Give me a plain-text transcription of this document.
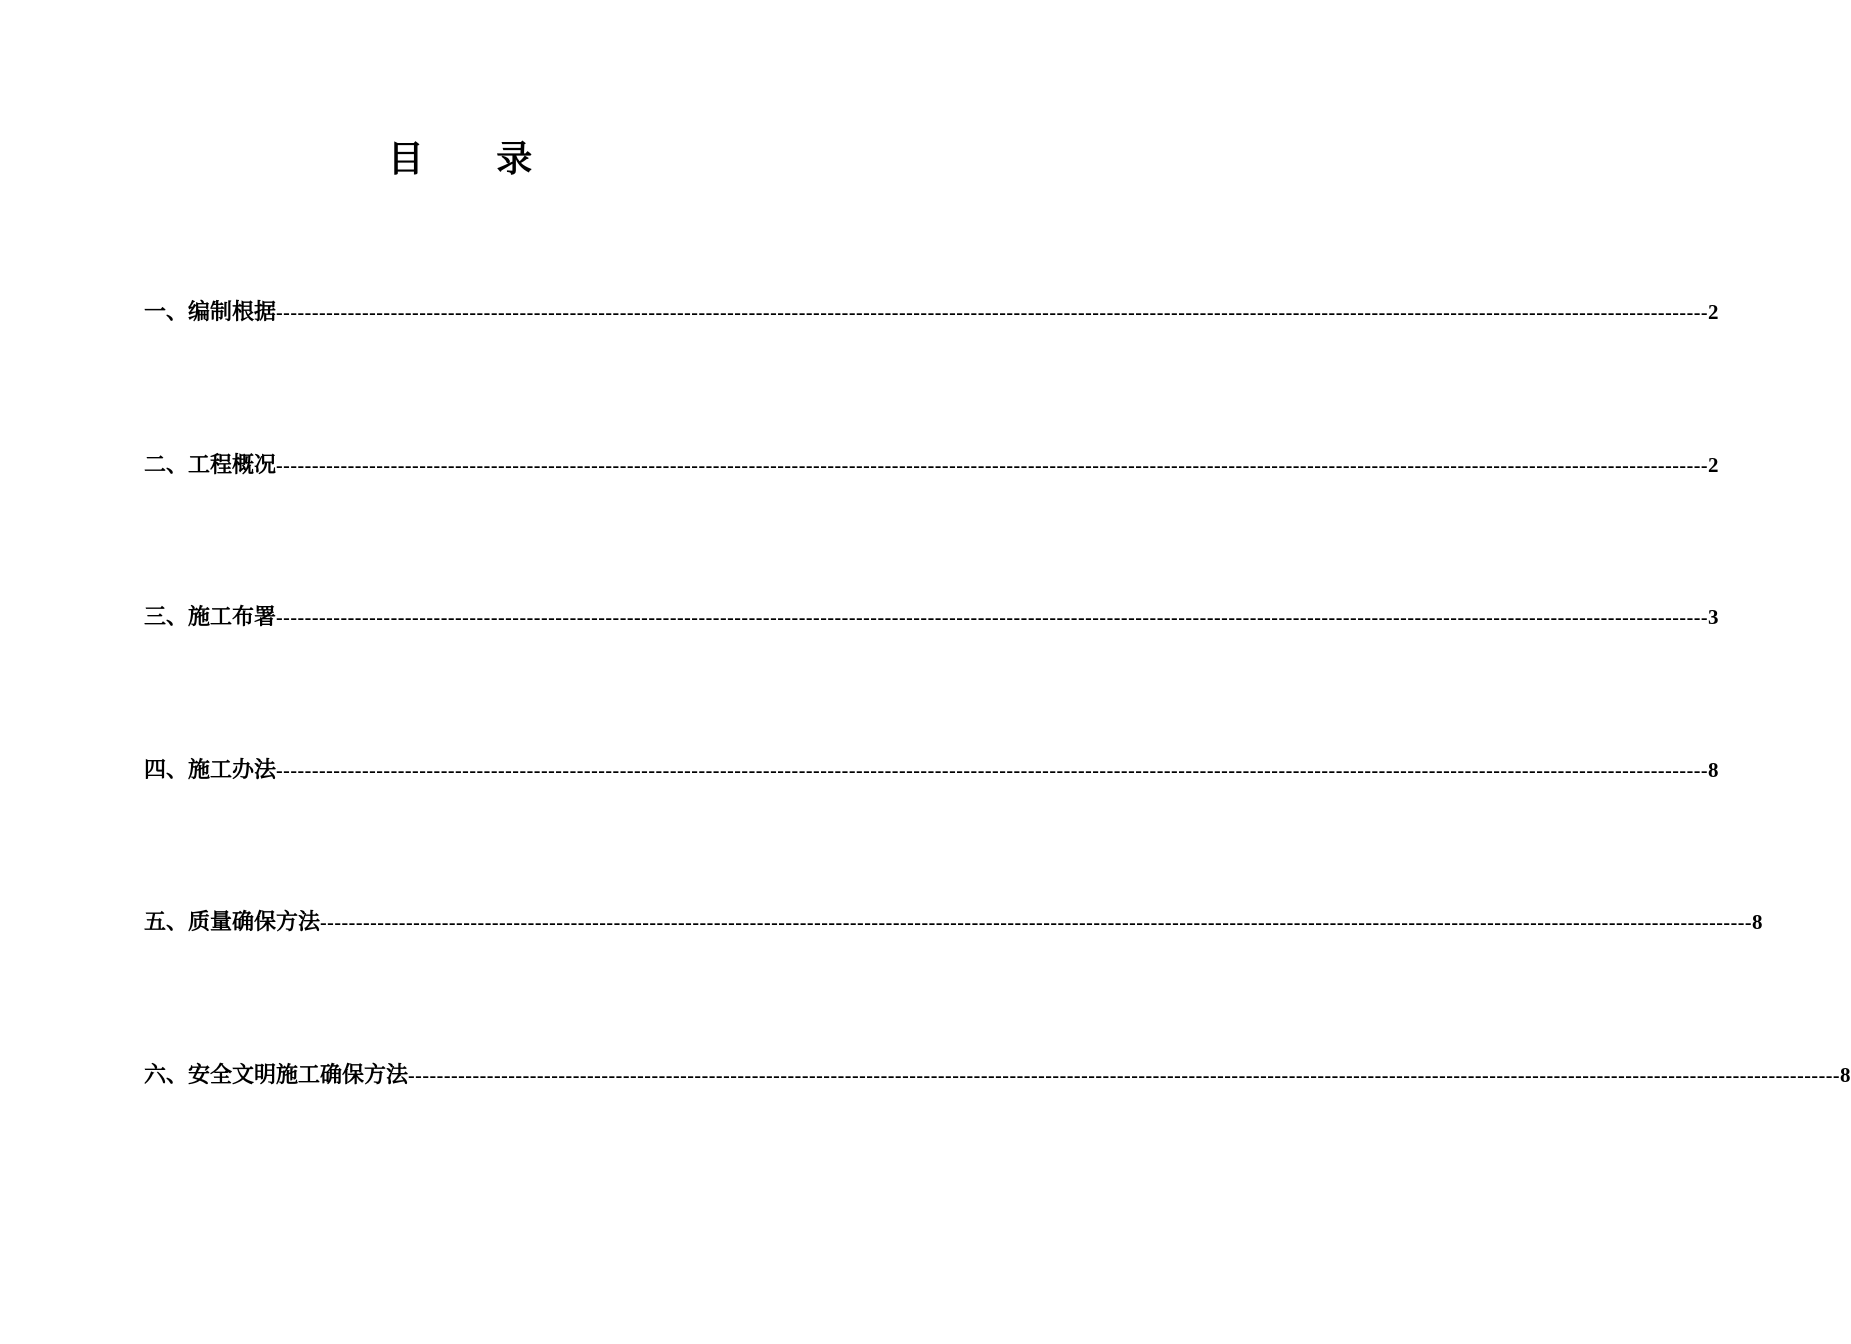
目 录
一、编制根据 -------------------------------------------------------------------------------------------------------------------------------------------------------------------------------------------------------- 2
二、工程概况 -------------------------------------------------------------------------------------------------------------------------------------------------------------------------------------------------------- 2
三、施工布署 -------------------------------------------------------------------------------------------------------------------------------------------------------------------------------------------------------- 3
四、施工办法 -------------------------------------------------------------------------------------------------------------------------------------------------------------------------------------------------------- 8
五、质量确保方法 -------------------------------------------------------------------------------------------------------------------------------------------------------------------------------------------------------- 8
六、安全文明施工确保方法 -------------------------------------------------------------------------------------------------------------------------------------------------------------------------------------------------------- 8
